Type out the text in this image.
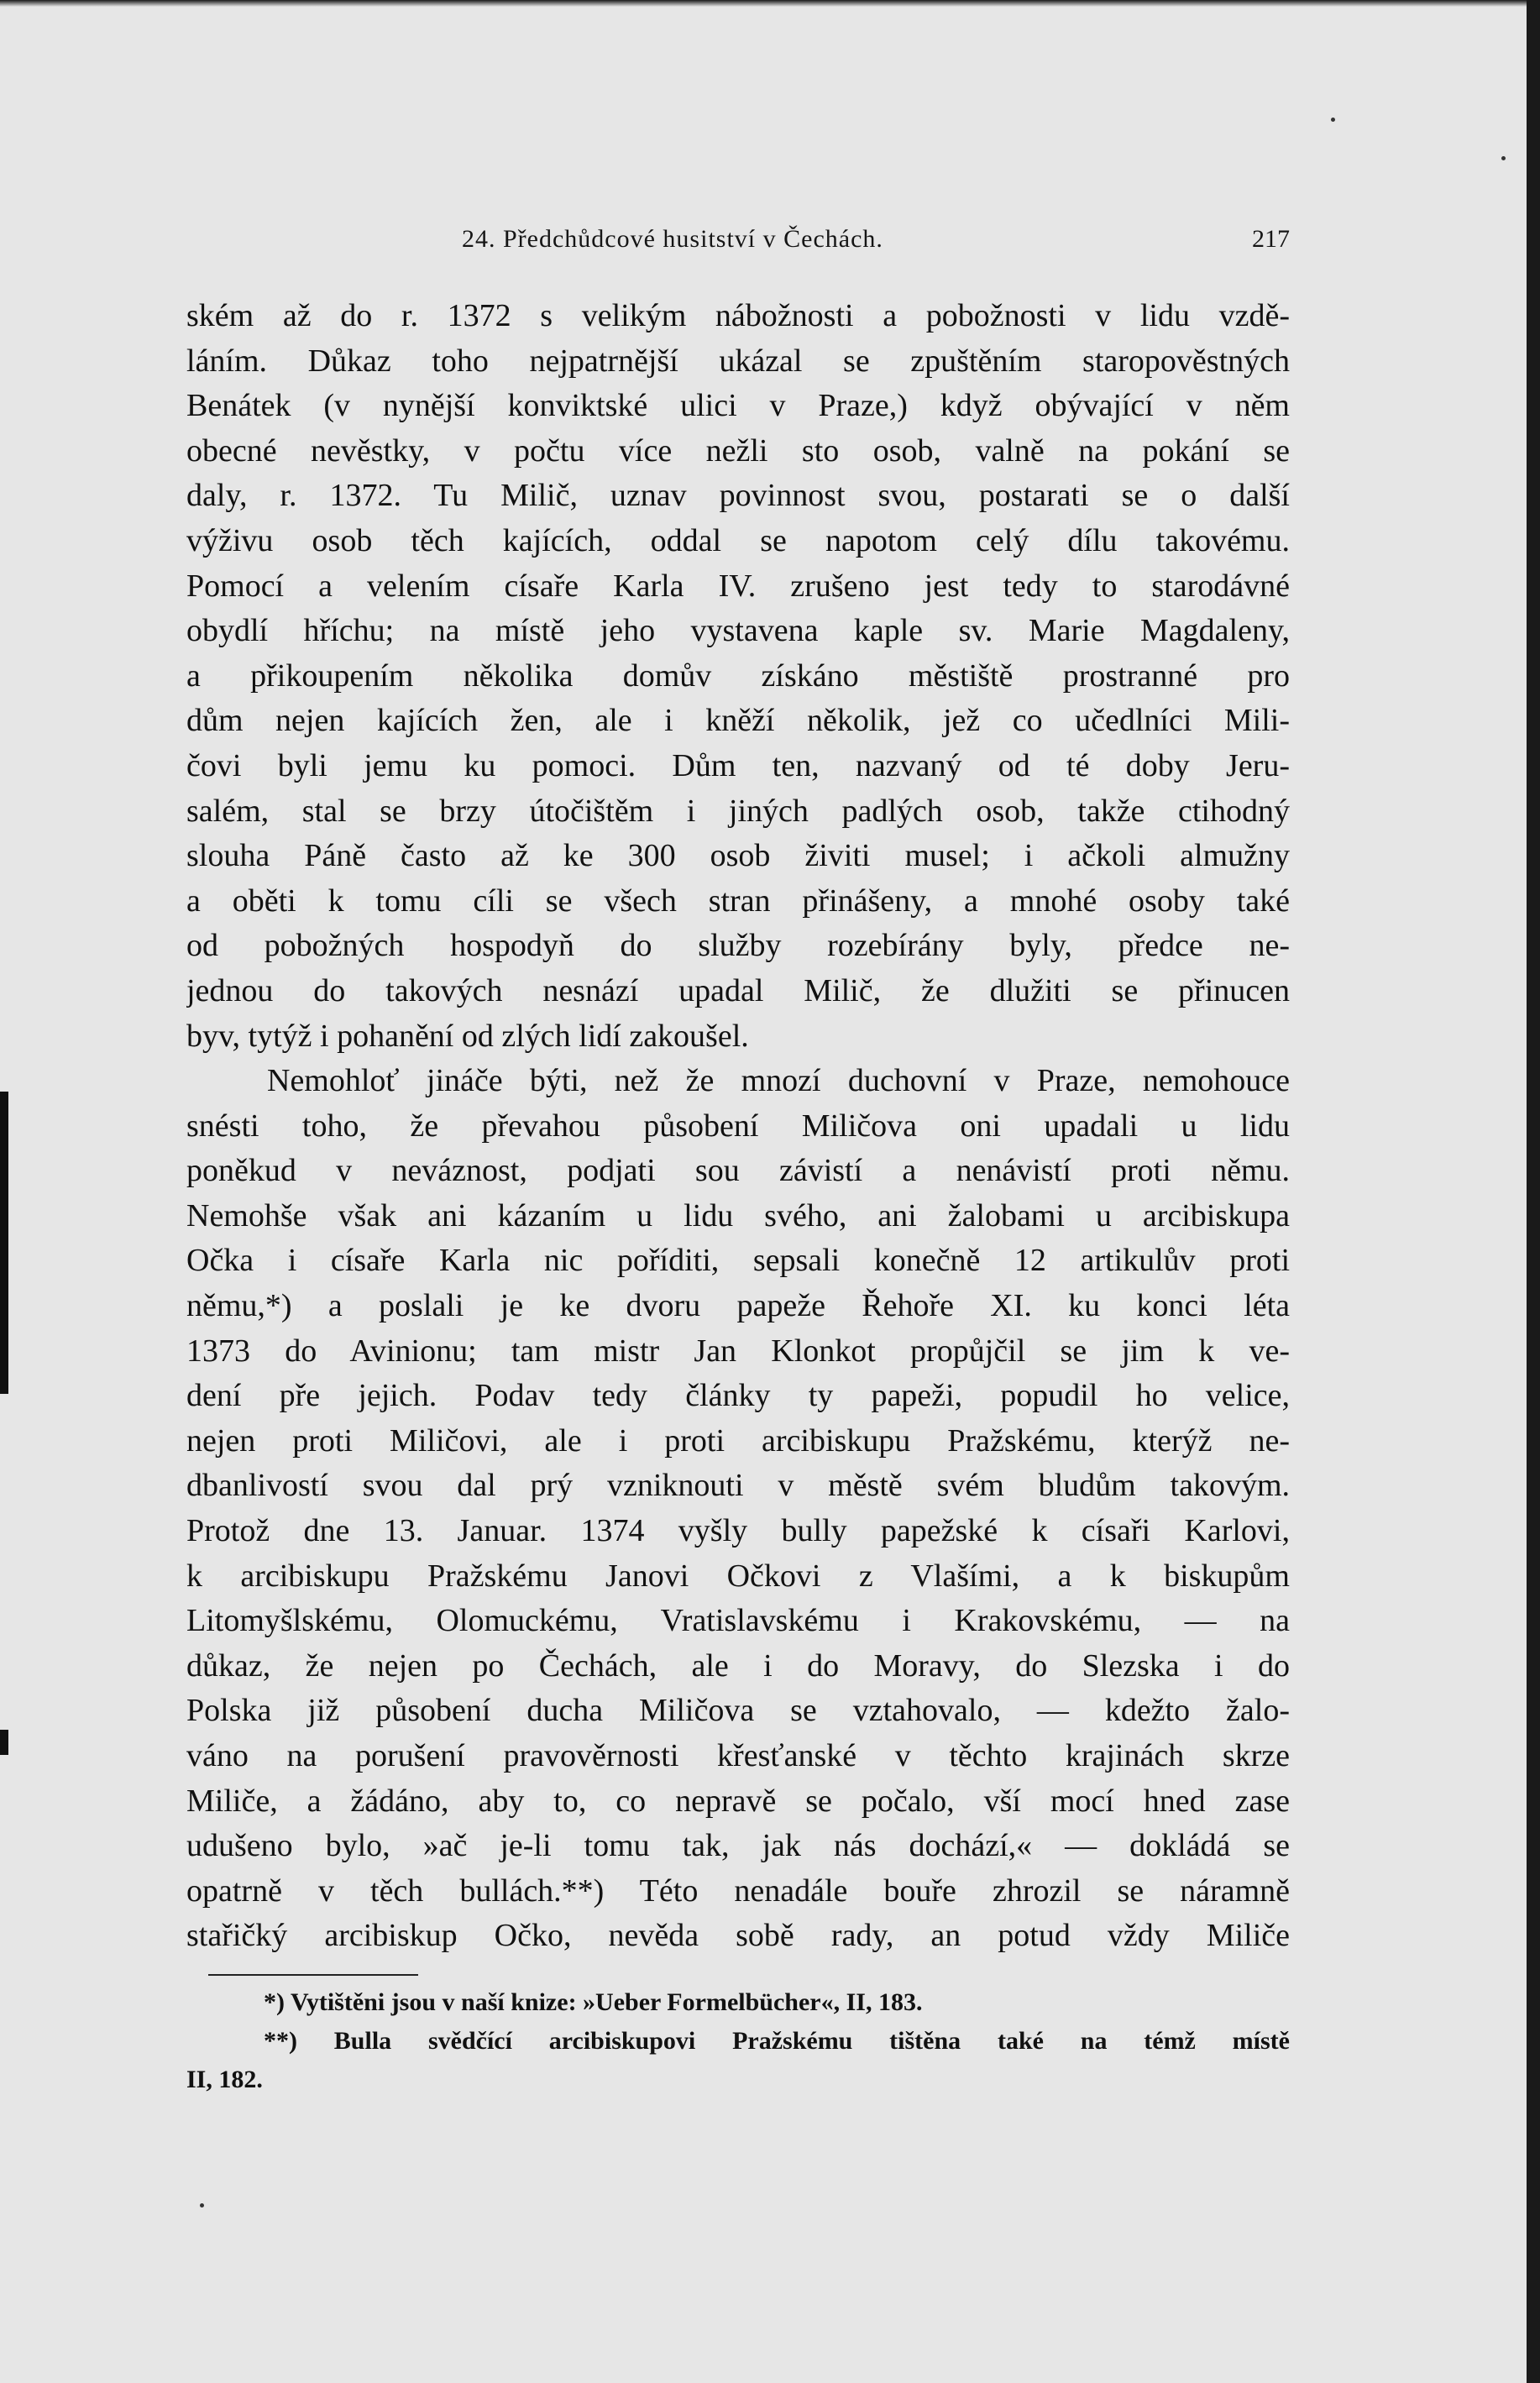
24. Předchůdcové husitství v Čechách.	217
ském až do r. 1372 s velikým nábožnosti a pobožnosti v lidu vzdě-
láním. Důkaz toho nejpatrnější ukázal se zpuštěním staropověstných
Benátek (v nynější konviktské ulici v Praze,) když obývající v něm
obecné nevěstky, v počtu více nežli sto osob, valně na pokání se
daly, r. 1372. Tu Milič, uznav povinnost svou, postarati se o další
výživu osob těch kajících, oddal se napotom celý dílu takovému.
Pomocí a velením císaře Karla IV. zrušeno jest tedy to starodávné
obydlí hříchu; na místě jeho vystavena kaple sv. Marie Magdaleny,
a přikoupením několika domův získáno městiště prostranné pro
dům nejen kajících žen, ale i kněží několik, jež co učedlníci Mili-
čovi byli jemu ku pomoci. Dům ten, nazvaný od té doby Jeru-
salém, stal se brzy útočištěm i jiných padlých osob, takže ctihodný
slouha Páně často až ke 300 osob živiti musel; i ačkoli almužny
a oběti k tomu cíli se všech stran přinášeny, a mnohé osoby také
od pobožných hospodyň do služby rozebírány byly, předce ne-
jednou do takových nesnází upadal Milič, že dlužiti se přinucen
byv, tytýž i pohanění od zlých lidí zakoušel.
Nemohloť jináče býti, než že mnozí duchovní v Praze, nemohouce
snésti toho, že převahou působení Miličova oni upadali u lidu
poněkud v neváznost, podjati sou závistí a nenávistí proti němu.
Nemohše však ani kázaním u lidu svého, ani žalobami u arcibiskupa
Očka i císaře Karla nic poříditi, sepsali konečně 12 artikulův proti
němu,*) a poslali je ke dvoru papeže Řehoře XI. ku konci léta
1373 do Avinionu; tam mistr Jan Klonkot propůjčil se jim k ve-
dení pře jejich. Podav tedy články ty papeži, popudil ho velice,
nejen proti Miličovi, ale i proti arcibiskupu Pražskému, kterýž ne-
dbanlivostí svou dal prý vzniknouti v městě svém bludům takovým.
Protož dne 13. Januar. 1374 vyšly bully papežské k císaři Karlovi,
k arcibiskupu Pražskému Janovi Očkovi z Vlašími, a k biskupům
Litomyšlskému, Olomuckému, Vratislavskému i Krakovskému, — na
důkaz, že nejen po Čechách, ale i do Moravy, do Slezska i do
Polska již působení ducha Miličova se vztahovalo, — kdežto žalo-
váno na porušení pravověrnosti křesťanské v těchto krajinách skrze
Miliče, a žádáno, aby to, co nepravě se počalo, vší mocí hned zase
udušeno bylo, »ač je-li tomu tak, jak nás dochází,« — dokládá se
opatrně v těch bullách.**) Této nenadále bouře zhrozil se náramně
stařičký arcibiskup Očko, nevěda sobě rady, an potud vždy Miliče
*) Vytištěni jsou v naší knize: »Ueber Formelbücher«, II, 183.
**) Bulla svědčící arcibiskupovi Pražskému tištěna také na témž místě
II, 182.
